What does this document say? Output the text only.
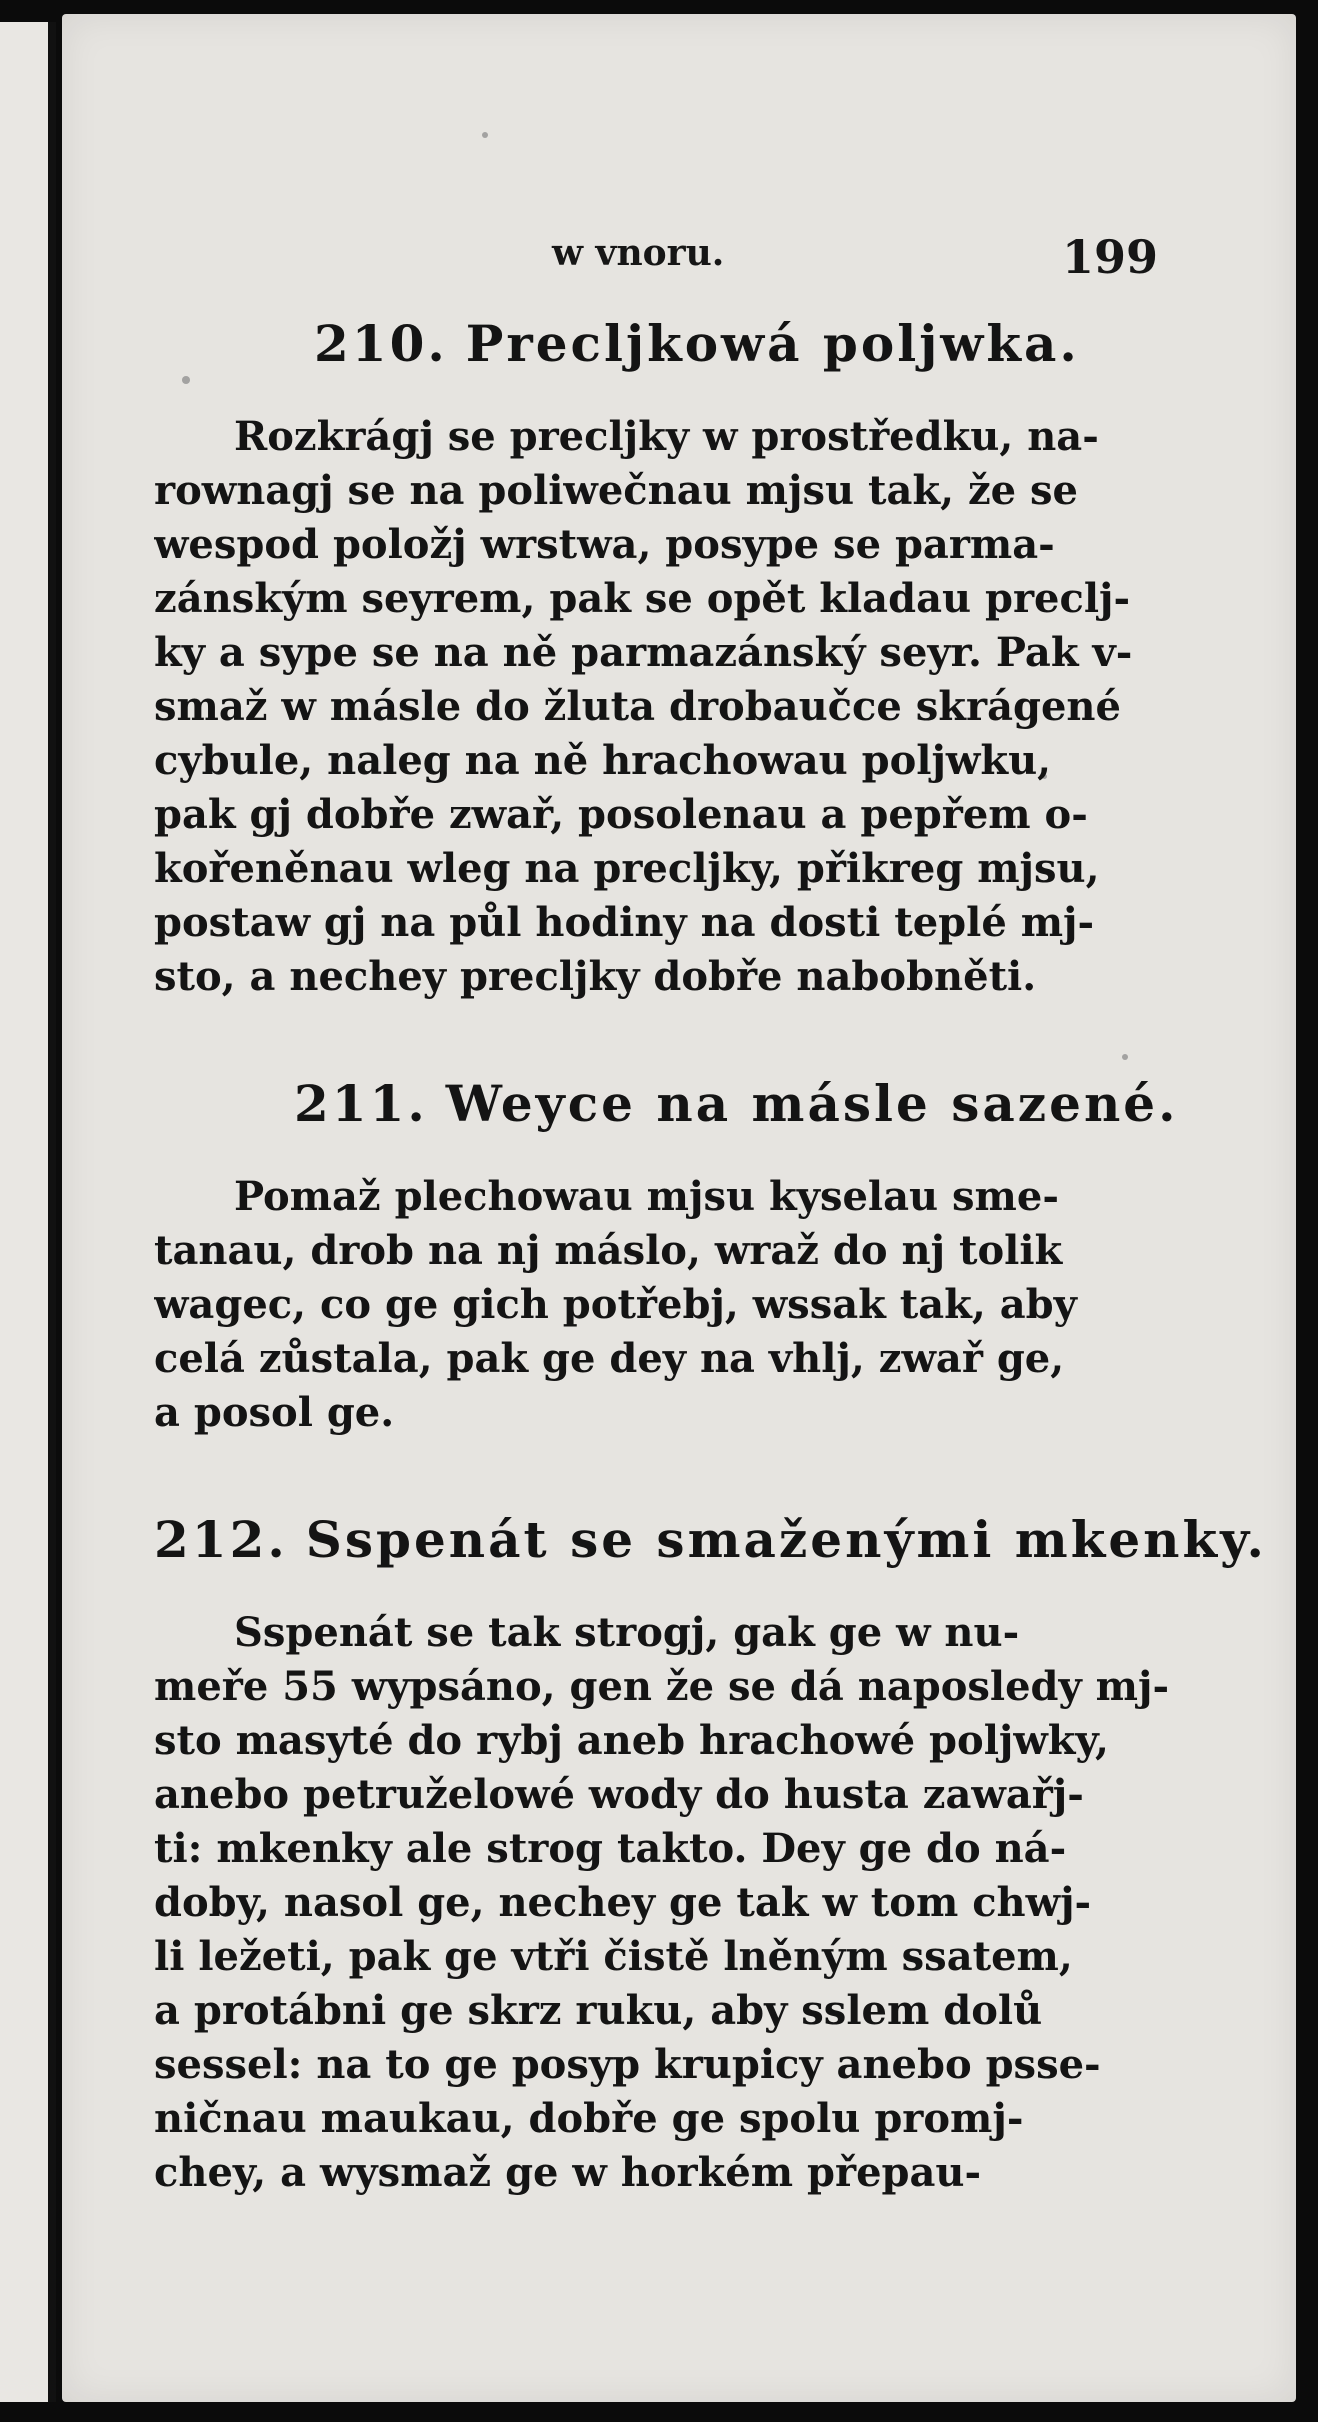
w vnoru.	199
210. Precljkowá poljwka.

Rozkrágj se precljky w prostředku, na-
rownagj se na poliwečnau mjsu tak, že se
wespod položj wrstwa, posype se parma-
zánským seyrem, pak se opět kladau preclj-
ky a sype se na ně parmazánský seyr. Pak v-
smaž w másle do žluta drobaučce skrágené
cybule, naleg na ně hrachowau poljwku,
pak gj dobře zwař, posolenau a pepřem o-
kořeněnau wleg na precljky, přikreg mjsu,
postaw gj na půl hodiny na dosti teplé mj-
sto, a nechey precljky dobře nabobněti.

211. Weyce na másle sazené.

Pomaž plechowau mjsu kyselau sme-
tanau, drob na nj máslo, wraž do nj tolik
wagec, co ge gich potřebj, wssak tak, aby
celá zůstala, pak ge dey na vhlj, zwař ge,
a posol ge.

212. Sspenát se smaženými mkenky.

Sspenát se tak strogj, gak ge w nu-
meře 55 wypsáno, gen že se dá naposledy mj-
sto masyté do rybj aneb hrachowé poljwky,
anebo petruželowé wody do husta zawařj-
ti: mkenky ale strog takto. Dey ge do ná-
doby, nasol ge, nechey ge tak w tom chwj-
li ležeti, pak ge vtři čistě lněným ssatem,
a protábni ge skrz ruku, aby sslem dolů
sessel: na to ge posyp krupicy anebo psse-
ničnau maukau, dobře ge spolu promj-
chey, a wysmaž ge w horkém přepau-
